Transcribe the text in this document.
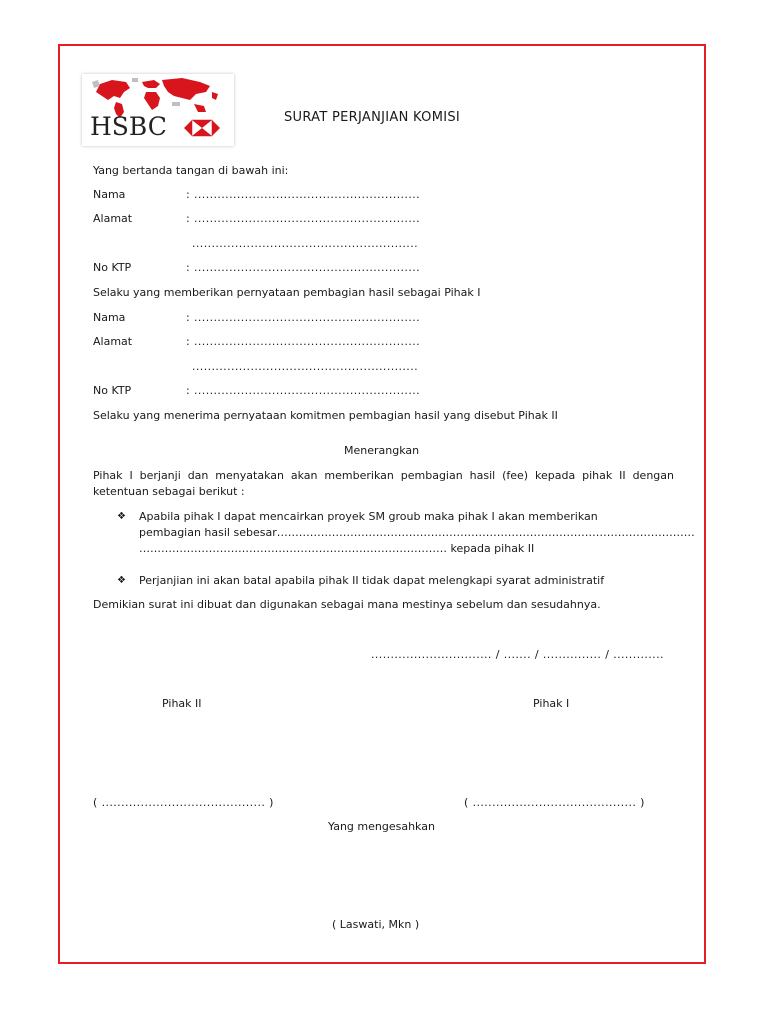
HSBC	SURAT PERJANJIAN KOMISI
Yang bertanda tangan di bawah ini:
Nama	: ..........................................................
Alamat	: ..........................................................
..........................................................
No KTP	: ..........................................................
Selaku yang memberikan pernyataan pembagian hasil sebagai Pihak I
Nama	: ..........................................................
Alamat	: ..........................................................
..........................................................
No KTP	: ..........................................................
Selaku yang menerima pernyataan komitmen pembagian hasil yang disebut Pihak II
Menerangkan
Pihak I berjanji dan menyatakan akan memberikan pembagian hasil (fee) kepada pihak II dengan ketentuan sebagai berikut :
❖ Apabila pihak I dapat mencairkan proyek SM groub maka pihak I akan memberikan
pembagian hasil sebesar……………………………………………………………………………………………………
………………………………………………………………………… kepada pihak II
❖ Perjanjian ini akan batal apabila pihak II tidak dapat melengkapi syarat administratif
Demikian surat ini dibuat dan digunakan sebagai mana mestinya sebelum dan sesudahnya.
............................... / ....... / ............... / .............
Pihak II	Pihak I
( .......................................... )	( .......................................... )
Yang mengesahkan
( Laswati, Mkn )
